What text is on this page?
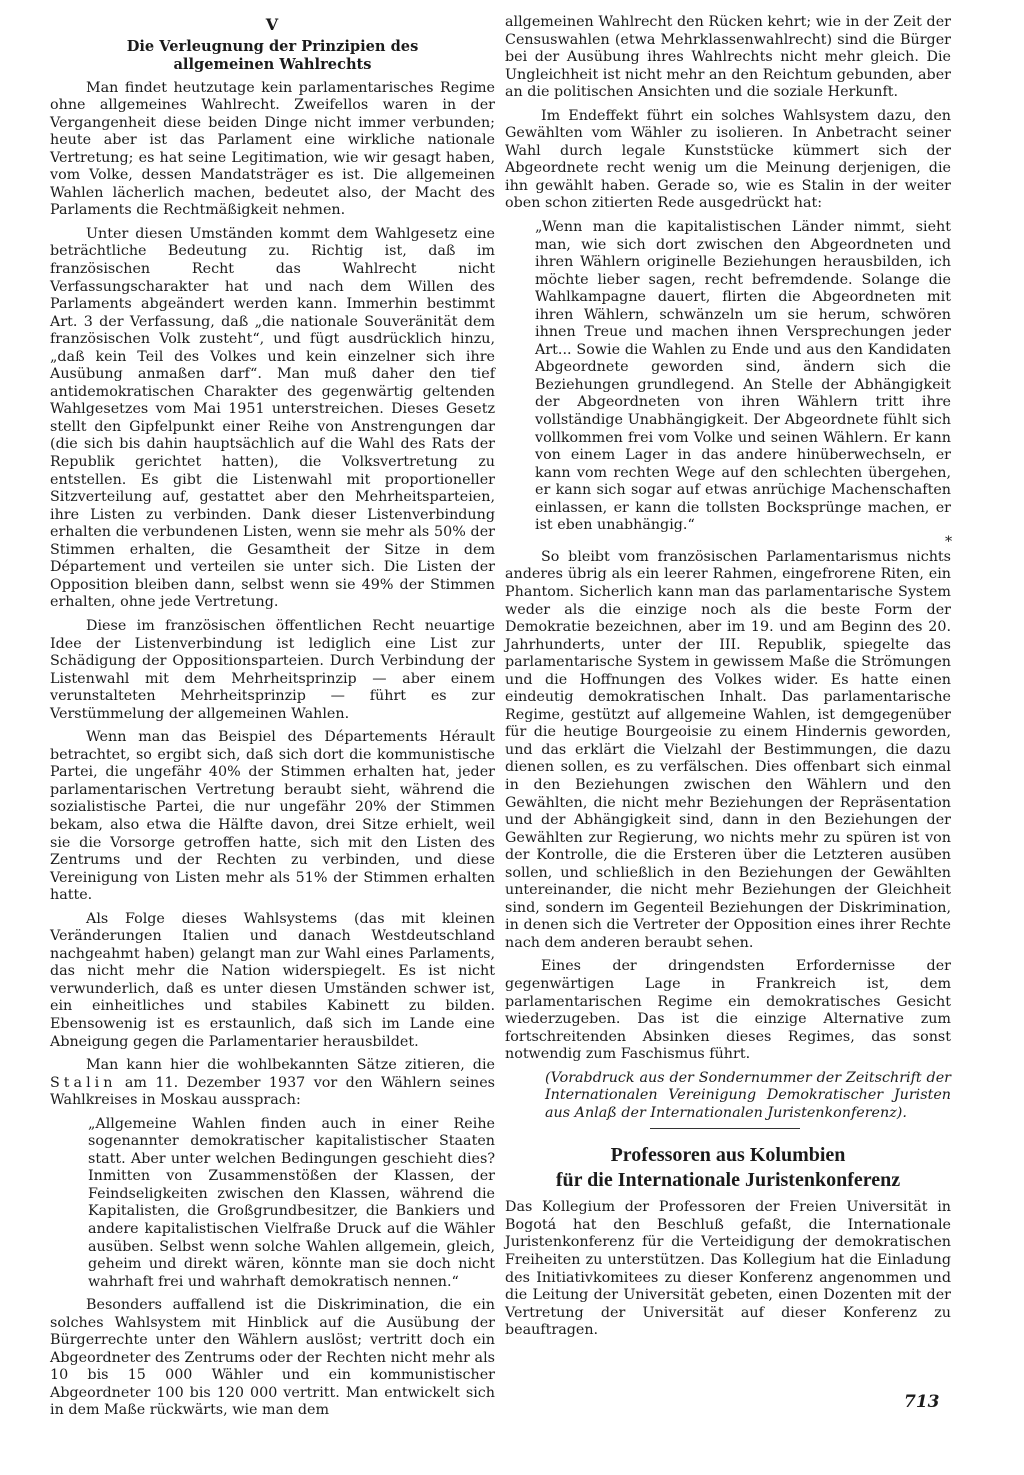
V
Die Verleugnung der Prinzipien des allgemeinen Wahlrechts

Man findet heutzutage kein parlamentarisches Regime ohne allgemeines Wahlrecht. Zweifellos waren in der Vergangenheit diese beiden Dinge nicht immer verbunden; heute aber ist das Parlament eine wirkliche nationale Vertretung; es hat seine Legitimation, wie wir gesagt haben, vom Volke, dessen Mandatsträger es ist. Die allgemeinen Wahlen lächerlich machen, bedeutet also, der Macht des Parlaments die Rechtmäßigkeit nehmen.

Unter diesen Umständen kommt dem Wahlgesetz eine beträchtliche Bedeutung zu. Richtig ist, daß im französischen Recht das Wahlrecht nicht Verfassungscharakter hat und nach dem Willen des Parlaments abgeändert werden kann. Immerhin bestimmt Art. 3 der Verfassung, daß „die nationale Souveränität dem französischen Volk zusteht“, und fügt ausdrücklich hinzu, „daß kein Teil des Volkes und kein einzelner sich ihre Ausübung anmaßen darf“. Man muß daher den tief antidemokratischen Charakter des gegenwärtig geltenden Wahlgesetzes vom Mai 1951 unterstreichen. Dieses Gesetz stellt den Gipfelpunkt einer Reihe von Anstrengungen dar (die sich bis dahin hauptsächlich auf die Wahl des Rats der Republik gerichtet hatten), die Volksvertretung zu entstellen. Es gibt die Listenwahl mit proportioneller Sitzverteilung auf, gestattet aber den Mehrheitsparteien, ihre Listen zu verbinden. Dank dieser Listenverbindung erhalten die verbundenen Listen, wenn sie mehr als 50% der Stimmen erhalten, die Gesamtheit der Sitze in dem Département und verteilen sie unter sich. Die Listen der Opposition bleiben dann, selbst wenn sie 49% der Stimmen erhalten, ohne jede Vertretung.

Diese im französischen öffentlichen Recht neuartige Idee der Listenverbindung ist lediglich eine List zur Schädigung der Oppositionsparteien. Durch Verbindung der Listenwahl mit dem Mehrheitsprinzip — aber einem verunstalteten Mehrheitsprinzip — führt es zur Verstümmelung der allgemeinen Wahlen.

Wenn man das Beispiel des Départements Hérault betrachtet, so ergibt sich, daß sich dort die kommunistische Partei, die ungefähr 40% der Stimmen erhalten hat, jeder parlamentarischen Vertretung beraubt sieht, während die sozialistische Partei, die nur ungefähr 20% der Stimmen bekam, also etwa die Hälfte davon, drei Sitze erhielt, weil sie die Vorsorge getroffen hatte, sich mit den Listen des Zentrums und der Rechten zu verbinden, und diese Vereinigung von Listen mehr als 51% der Stimmen erhalten hatte.

Als Folge dieses Wahlsystems (das mit kleinen Veränderungen Italien und danach Westdeutschland nachgeahmt haben) gelangt man zur Wahl eines Parlaments, das nicht mehr die Nation widerspiegelt. Es ist nicht verwunderlich, daß es unter diesen Umständen schwer ist, ein einheitliches und stabiles Kabinett zu bilden. Ebensowenig ist es erstaunlich, daß sich im Lande eine Abneigung gegen die Parlamentarier herausbildet.

Man kann hier die wohlbekannten Sätze zitieren, die Stalin am 11. Dezember 1937 vor den Wählern seines Wahlkreises in Moskau aussprach:

„Allgemeine Wahlen finden auch in einer Reihe sogenannter demokratischer kapitalistischer Staaten statt. Aber unter welchen Bedingungen geschieht dies? Inmitten von Zusammenstößen der Klassen, der Feindseligkeiten zwischen den Klassen, während die Kapitalisten, die Großgrundbesitzer, die Bankiers und andere kapitalistischen Vielfraße Druck auf die Wähler ausüben. Selbst wenn solche Wahlen allgemein, gleich, geheim und direkt wären, könnte man sie doch nicht wahrhaft frei und wahrhaft demokratisch nennen.“

Besonders auffallend ist die Diskrimination, die ein solches Wahlsystem mit Hinblick auf die Ausübung der Bürgerrechte unter den Wählern auslöst; vertritt doch ein Abgeordneter des Zentrums oder der Rechten nicht mehr als 10 bis 15 000 Wähler und ein kommunistischer Abgeordneter 100 bis 120 000 vertritt. Man entwickelt sich in dem Maße rückwärts, wie man dem

allgemeinen Wahlrecht den Rücken kehrt; wie in der Zeit der Censuswahlen (etwa Mehrklassenwahlrecht) sind die Bürger bei der Ausübung ihres Wahlrechts nicht mehr gleich. Die Ungleichheit ist nicht mehr an den Reichtum gebunden, aber an die politischen Ansichten und die soziale Herkunft.

Im Endeffekt führt ein solches Wahlsystem dazu, den Gewählten vom Wähler zu isolieren. In Anbetracht seiner Wahl durch legale Kunststücke kümmert sich der Abgeordnete recht wenig um die Meinung derjenigen, die ihn gewählt haben. Gerade so, wie es Stalin in der weiter oben schon zitierten Rede ausgedrückt hat:

„Wenn man die kapitalistischen Länder nimmt, sieht man, wie sich dort zwischen den Abgeordneten und ihren Wählern originelle Beziehungen herausbilden, ich möchte lieber sagen, recht befremdende. Solange die Wahlkampagne dauert, flirten die Abgeordneten mit ihren Wählern, schwänzeln um sie herum, schwören ihnen Treue und machen ihnen Versprechungen jeder Art... Sowie die Wahlen zu Ende und aus den Kandidaten Abgeordnete geworden sind, ändern sich die Beziehungen grundlegend. An Stelle der Abhängigkeit der Abgeordneten von ihren Wählern tritt ihre vollständige Unabhängigkeit. Der Abgeordnete fühlt sich vollkommen frei vom Volke und seinen Wählern. Er kann von einem Lager in das andere hinüberwechseln, er kann vom rechten Wege auf den schlechten übergehen, er kann sich sogar auf etwas anrüchige Machenschaften einlassen, er kann die tollsten Bocksprünge machen, er ist eben unabhängig.“

*

So bleibt vom französischen Parlamentarismus nichts anderes übrig als ein leerer Rahmen, eingefrorene Riten, ein Phantom. Sicherlich kann man das parlamentarische System weder als die einzige noch als die beste Form der Demokratie bezeichnen, aber im 19. und am Beginn des 20. Jahrhunderts, unter der III. Republik, spiegelte das parlamentarische System in gewissem Maße die Strömungen und die Hoffnungen des Volkes wider. Es hatte einen eindeutig demokratischen Inhalt. Das parlamentarische Regime, gestützt auf allgemeine Wahlen, ist demgegenüber für die heutige Bourgeoisie zu einem Hindernis geworden, und das erklärt die Vielzahl der Bestimmungen, die dazu dienen sollen, es zu verfälschen. Dies offenbart sich einmal in den Beziehungen zwischen den Wählern und den Gewählten, die nicht mehr Beziehungen der Repräsentation und der Abhängigkeit sind, dann in den Beziehungen der Gewählten zur Regierung, wo nichts mehr zu spüren ist von der Kontrolle, die die Ersteren über die Letzteren ausüben sollen, und schließlich in den Beziehungen der Gewählten untereinander, die nicht mehr Beziehungen der Gleichheit sind, sondern im Gegenteil Beziehungen der Diskrimination, in denen sich die Vertreter der Opposition eines ihrer Rechte nach dem anderen beraubt sehen.

Eines der dringendsten Erfordernisse der gegenwärtigen Lage in Frankreich ist, dem parlamentarischen Regime ein demokratisches Gesicht wiederzugeben. Das ist die einzige Alternative zum fortschreitenden Absinken dieses Regimes, das sonst notwendig zum Faschismus führt.

(Vorabdruck aus der Sondernummer der Zeitschrift der Internationalen Vereinigung Demokratischer Juristen aus Anlaß der Internationalen Juristenkonferenz).

Professoren aus Kolumbien
für die Internationale Juristenkonferenz

Das Kollegium der Professoren der Freien Universität in Bogotá hat den Beschluß gefaßt, die Internationale Juristenkonferenz für die Verteidigung der demokratischen Freiheiten zu unterstützen. Das Kollegium hat die Einladung des Initiativkomitees zu dieser Konferenz angenommen und die Leitung der Universität gebeten, einen Dozenten mit der Vertretung der Universität auf dieser Konferenz zu beauftragen.

713
